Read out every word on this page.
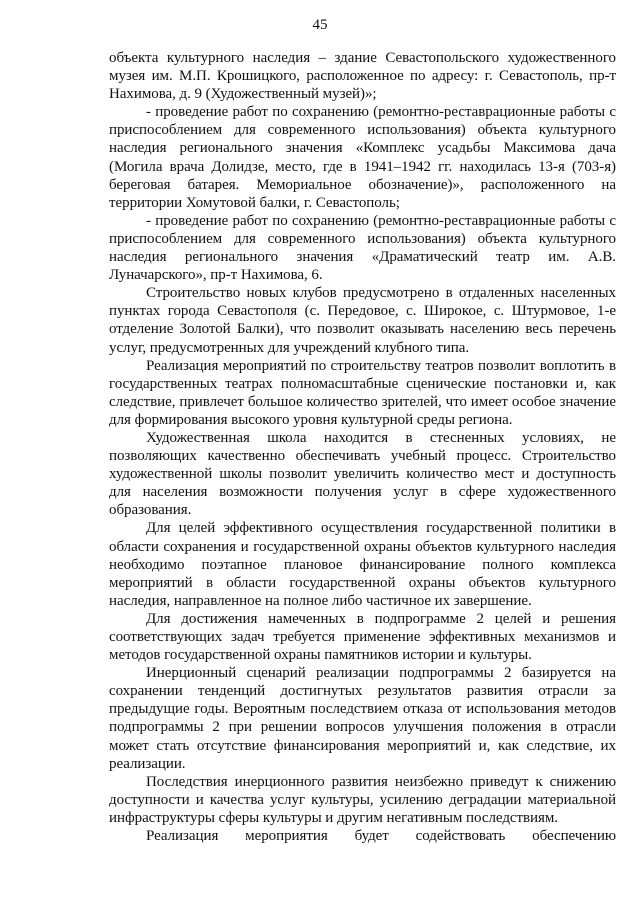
45

объекта культурного наследия – здание Севастопольского художественного музея им. М.П. Крошицкого, расположенное по адресу: г. Севастополь, пр-т Нахимова, д. 9 (Художественный музей)»;

- проведение работ по сохранению (ремонтно-реставрационные работы с приспособлением для современного использования) объекта культурного наследия регионального значения «Комплекс усадьбы Максимова дача (Могила врача Долидзе, место, где в 1941–1942 гг. находилась 13-я (703-я) береговая батарея. Мемориальное обозначение)», расположенного на территории Хомутовой балки, г. Севастополь;

- проведение работ по сохранению (ремонтно-реставрационные работы с приспособлением для современного использования) объекта культурного наследия регионального значения «Драматический театр им. А.В. Луначарского», пр-т Нахимова, 6.

Строительство новых клубов предусмотрено в отдаленных населенных пунктах города Севастополя (с. Передовое, с. Широкое, с. Штурмовое, 1-е отделение Золотой Балки), что позволит оказывать населению весь перечень услуг, предусмотренных для учреждений клубного типа.

Реализация мероприятий по строительству театров позволит воплотить в государственных театрах полномасштабные сценические постановки и, как следствие, привлечет большое количество зрителей, что имеет особое значение для формирования высокого уровня культурной среды региона.

Художественная школа находится в стесненных условиях, не позволяющих качественно обеспечивать учебный процесс. Строительство художественной школы позволит увеличить количество мест и доступность для населения возможности получения услуг в сфере художественного образования.

Для целей эффективного осуществления государственной политики в области сохранения и государственной охраны объектов культурного наследия необходимо поэтапное плановое финансирование полного комплекса мероприятий в области государственной охраны объектов культурного наследия, направленное на полное либо частичное их завершение.

Для достижения намеченных в подпрограмме 2 целей и решения соответствующих задач требуется применение эффективных механизмов и методов государственной охраны памятников истории и культуры.

Инерционный сценарий реализации подпрограммы 2 базируется на сохранении тенденций достигнутых результатов развития отрасли за предыдущие годы. Вероятным последствием отказа от использования методов подпрограммы 2 при решении вопросов улучшения положения в отрасли может стать отсутствие финансирования мероприятий и, как следствие, их реализации.

Последствия инерционного развития неизбежно приведут к снижению доступности и качества услуг культуры, усилению деградации материальной инфраструктуры сферы культуры и другим негативным последствиям.

Реализация мероприятия будет содействовать обеспечению
